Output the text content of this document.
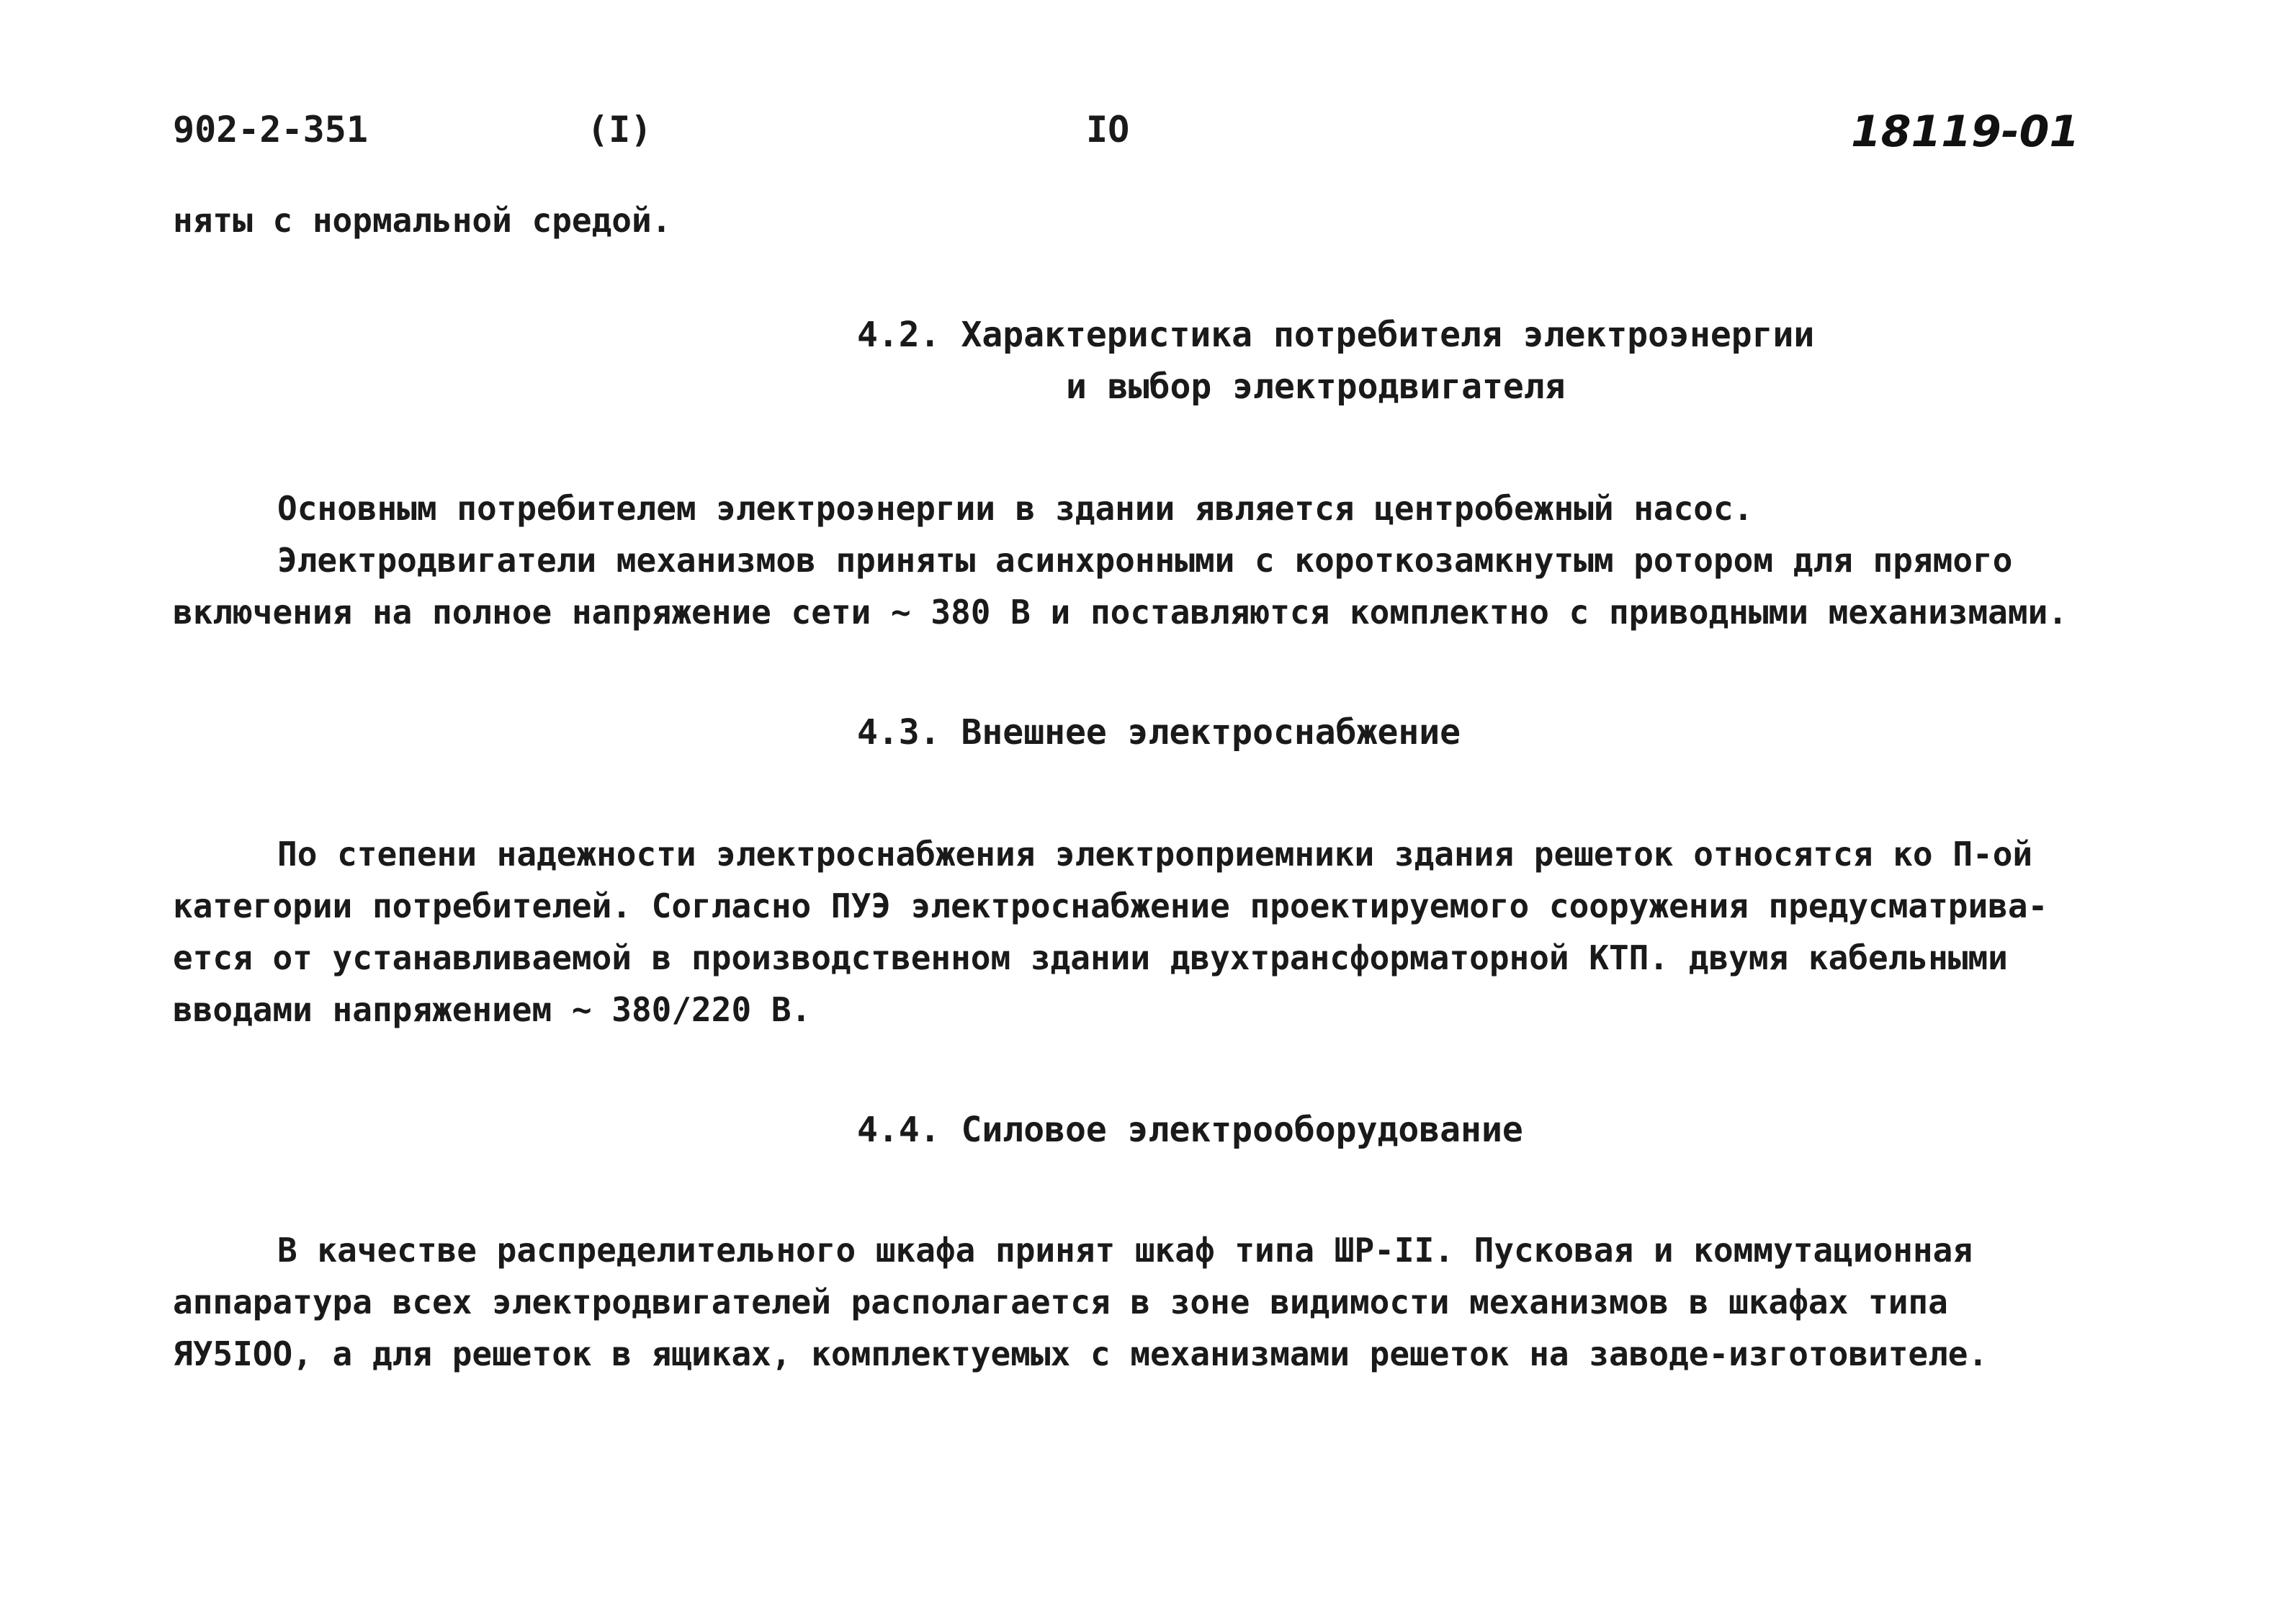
902-2-351	(I)	IO	18119-01
няты с нормальной средой.
4.2. Характеристика потребителя электроэнергии
и выбор электродвигателя
Основным потребителем электроэнергии в здании является центробежный насос.
Электродвигатели механизмов приняты асинхронными с короткозамкнутым ротором для прямого
включения на полное напряжение сети ~ 380 В и поставляются комплектно с приводными механизмами.
4.3. Внешнее электроснабжение
По степени надежности электроснабжения электроприемники здания решеток относятся ко П-ой
категории потребителей. Согласно ПУЭ электроснабжение проектируемого сооружения предусматрива-
ется от устанавливаемой в производственном здании двухтрансформаторной КТП. двумя кабельными
вводами напряжением ~ 380/220 В.
4.4. Силовое электрооборудование
В качестве распределительного шкафа принят шкаф типа ШР-II. Пусковая и коммутационная
аппаратура всех электродвигателей располагается в зоне видимости механизмов в шкафах типа
ЯУ5IOO, а для решеток в ящиках, комплектуемых с механизмами решеток на заводе-изготовителе.
